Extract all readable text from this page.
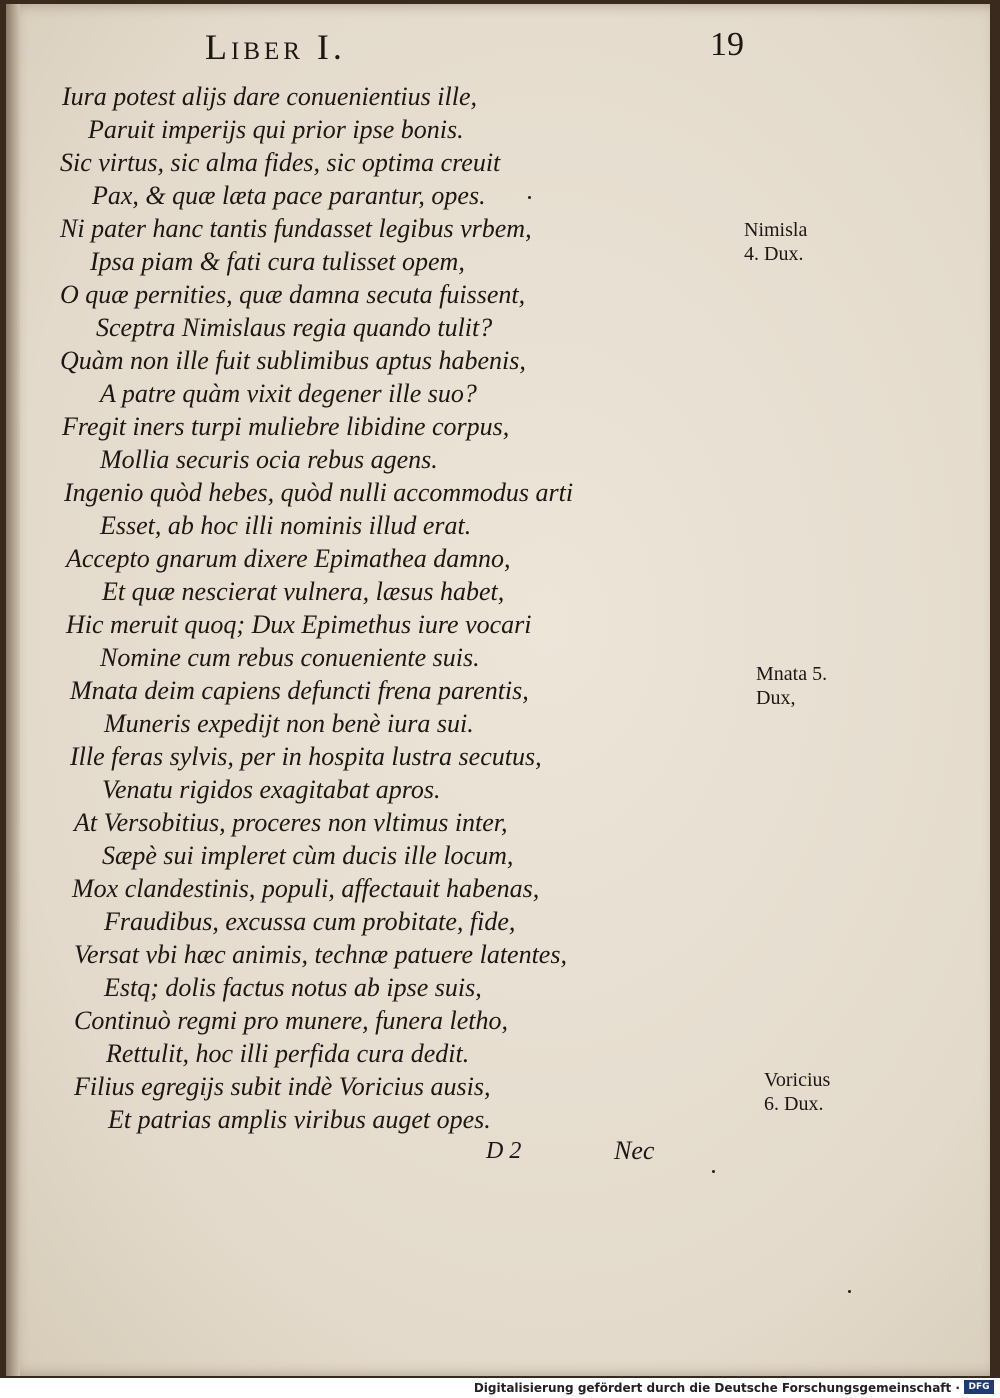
Liber I.	19
Iura potest alijs dare conuenientius ille,
Paruit imperijs qui prior ipse bonis.
Sic virtus, sic alma fides, sic optima creuit
Pax, & quæ læta pace parantur, opes.
Ni pater hanc tantis fundasset legibus vrbem,
Ipsa piam & fati cura tulisset opem,
O quæ pernities, quæ damna secuta fuissent,
Sceptra Nimislaus regia quando tulit?
Quàm non ille fuit sublimibus aptus habenis,
A patre quàm vixit degener ille suo?
Fregit iners turpi muliebre libidine corpus,
Mollia securis ocia rebus agens.
Ingenio quòd hebes, quòd nulli accommodus arti
Esset, ab hoc illi nominis illud erat.
Accepto gnarum dixere Epimathea damno,
Et quæ nescierat vulnera, læsus habet,
Hic meruit quoq; Dux Epimethus iure vocari
Nomine cum rebus conueniente suis.
Mnata deim capiens defuncti frena parentis,
Muneris expedijt non benè iura sui.
Ille feras sylvis, per in hospita lustra secutus,
Venatu rigidos exagitabat apros.
At Versobitius, proceres non vltimus inter,
Sæpè sui impleret cùm ducis ille locum,
Mox clandestinis, populi, affectauit habenas,
Fraudibus, excussa cum probitate, fide,
Versat vbi hæc animis, technæ patuere latentes,
Estq; dolis factus notus ab ipse suis,
Continuò regmi pro munere, funera letho,
Rettulit, hoc illi perfida cura dedit.
Filius egregijs subit indè Voricius ausis,
Et patrias amplis viribus auget opes.
Nimisla
4. Dux.
Mnata 5.
Dux,
Voricius
6. Dux.
D 2	Nec
Digitalisierung gefördert durch die Deutsche Forschungsgemeinschaft · DFG
